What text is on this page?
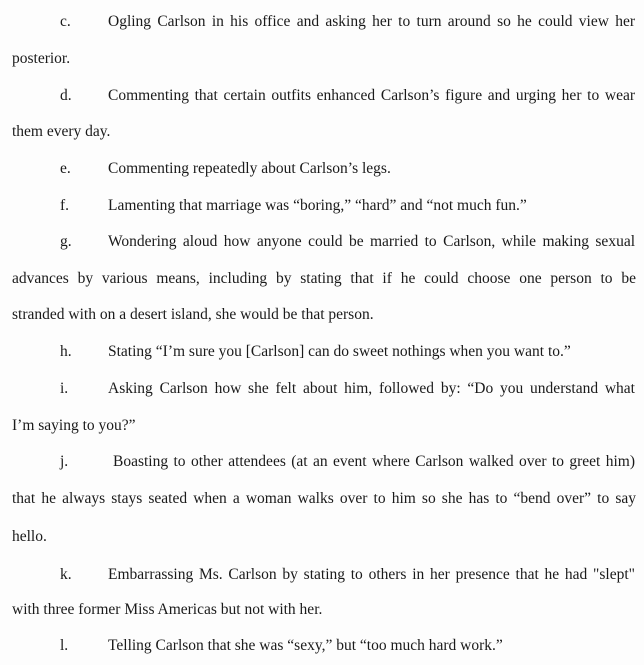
c.	Ogling Carlson in his office and asking her to turn around so he could view her
posterior.
d.	Commenting that certain outfits enhanced Carlson’s figure and urging her to wear
them every day.
e.	Commenting repeatedly about Carlson’s legs.
f.	Lamenting that marriage was “boring,” “hard” and “not much fun.”
g.	Wondering aloud how anyone could be married to Carlson, while making sexual
advances by various means, including by stating that if he could choose one person to be
stranded with on a desert island, she would be that person.
h.	Stating “I’m sure you [Carlson] can do sweet nothings when you want to.”
i.	Asking Carlson how she felt about him, followed by: “Do you understand what
I’m saying to you?”
j.	Boasting to other attendees (at an event where Carlson walked over to greet him)
that he always stays seated when a woman walks over to him so she has to “bend over” to say
hello.
k.	Embarrassing Ms. Carlson by stating to others in her presence that he had "slept"
with three former Miss Americas but not with her.
l.	Telling Carlson that she was “sexy,” but “too much hard work.”
